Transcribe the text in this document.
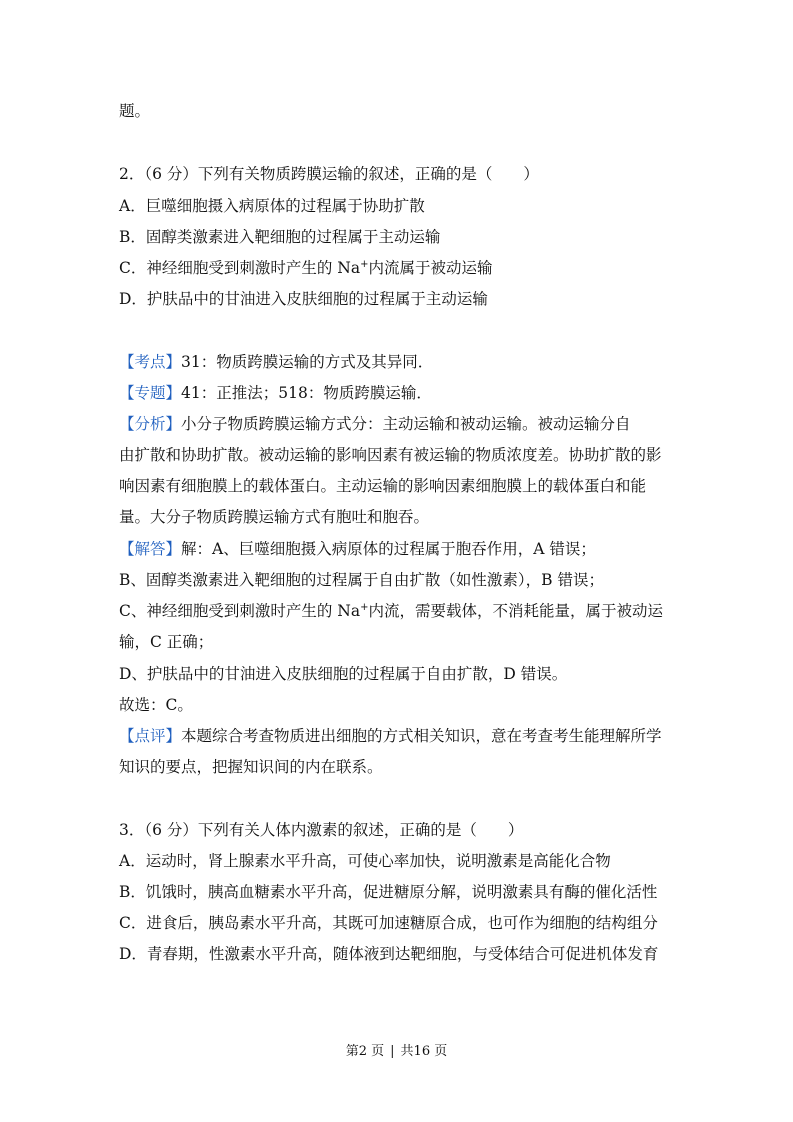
题。
2．（6 分）下列有关物质跨膜运输的叙述，正确的是（　　）
A．巨噬细胞摄入病原体的过程属于协助扩散
B．固醇类激素进入靶细胞的过程属于主动运输
C．神经细胞受到刺激时产生的 Na+内流属于被动运输
D．护肤品中的甘油进入皮肤细胞的过程属于主动运输
【考点】31：物质跨膜运输的方式及其异同．
【专题】41：正推法；518：物质跨膜运输．
【分析】小分子物质跨膜运输方式分：主动运输和被动运输。被动运输分自
由扩散和协助扩散。被动运输的影响因素有被运输的物质浓度差。协助扩散的影
响因素有细胞膜上的载体蛋白。主动运输的影响因素细胞膜上的载体蛋白和能
量。大分子物质跨膜运输方式有胞吐和胞吞。
【解答】解：A、巨噬细胞摄入病原体的过程属于胞吞作用，A 错误；
B、固醇类激素进入靶细胞的过程属于自由扩散（如性激素），B 错误；
C、神经细胞受到刺激时产生的 Na+内流，需要载体，不消耗能量，属于被动运
输，C 正确；
D、护肤品中的甘油进入皮肤细胞的过程属于自由扩散，D 错误。
故选：C。
【点评】本题综合考查物质进出细胞的方式相关知识，意在考查考生能理解所学
知识的要点，把握知识间的内在联系。
3．（6 分）下列有关人体内激素的叙述，正确的是（　　）
A．运动时，肾上腺素水平升高，可使心率加快，说明激素是高能化合物
B．饥饿时，胰高血糖素水平升高，促进糖原分解，说明激素具有酶的催化活性
C．进食后，胰岛素水平升高，其既可加速糖原合成，也可作为细胞的结构组分
D．青春期，性激素水平升高，随体液到达靶细胞，与受体结合可促进机体发育
第2 页 | 共16 页
